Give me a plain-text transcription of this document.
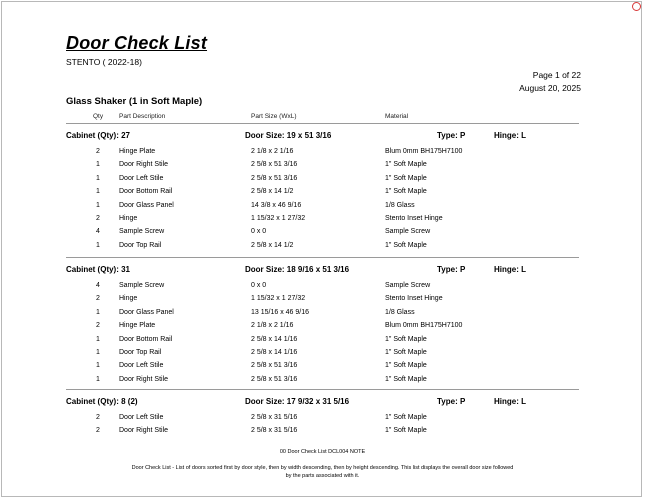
Door Check List
STENTO ( 2022-18)
Page 1 of 22
August 20, 2025
Glass Shaker (1 in Soft Maple)
Qty Part Description	Part Size (WxL)	Material
Cabinet (Qty): 27	Door Size: 19 x 51 3/16	Type: P	Hinge: L
2	Hinge Plate	2 1/8 x 2 1/16	Blum 0mm BH175H7100
1	Door Right Stile	2 5/8 x 51 3/16	1" Soft Maple
1	Door Left Stile	2 5/8 x 51 3/16	1" Soft Maple
1	Door Bottom Rail	2 5/8 x 14 1/2	1" Soft Maple
1	Door Glass Panel	14 3/8 x 46 9/16	1/8 Glass
2	Hinge	1 15/32 x 1 27/32	Stento Inset Hinge
4	Sample Screw	0 x 0	Sample Screw
1	Door Top Rail	2 5/8 x 14 1/2	1" Soft Maple
Cabinet (Qty): 31	Door Size: 18 9/16 x 51 3/16	Type: P	Hinge: L
4	Sample Screw	0 x 0	Sample Screw
2	Hinge	1 15/32 x 1 27/32	Stento Inset Hinge
1	Door Glass Panel	13 15/16 x 46 9/16	1/8 Glass
2	Hinge Plate	2 1/8 x 2 1/16	Blum 0mm BH175H7100
1	Door Bottom Rail	2 5/8 x 14 1/16	1" Soft Maple
1	Door Top Rail	2 5/8 x 14 1/16	1" Soft Maple
1	Door Left Stile	2 5/8 x 51 3/16	1" Soft Maple
1	Door Right Stile	2 5/8 x 51 3/16	1" Soft Maple
Cabinet (Qty): 8 (2)	Door Size: 17 9/32 x 31 5/16	Type: P	Hinge: L
2	Door Left Stile	2 5/8 x 31 5/16	1" Soft Maple
2	Door Right Stile	2 5/8 x 31 5/16	1" Soft Maple
00 Door Check List DCL004 NOTE
Door Check List - List of doors sorted first by door style, then by width descending, then by height descending. This list displays the overall door size followed by the parts associated with it.
